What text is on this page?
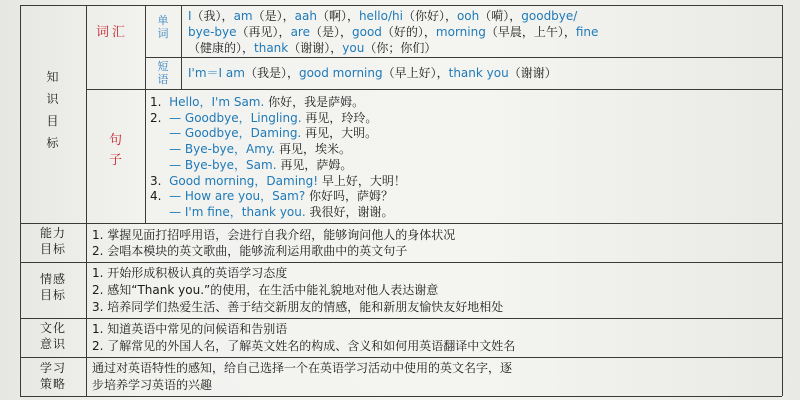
知
识
目
标
词汇
单
词
短
语
I（我），am（是），aah（啊），hello/hi（你好），ooh（嗬），goodbye/
bye-bye（再见），are（是），good（好的），morning（早晨，上午），fine
（健康的），thank（谢谢），you（你；你们）
I'm＝I am（我是），good morning（早上好），thank you（谢谢）
句
子
1.  Hello，I'm Sam. 你好，我是萨姆。
2.  — Goodbye，Lingling. 再见，玲玲。
— Goodbye，Daming. 再见，大明。
— Bye-bye，Amy. 再见，埃米。
— Bye-bye，Sam. 再见，萨姆。
3.  Good morning，Daming! 早上好，大明！
4.  — How are you，Sam? 你好吗，萨姆？
— I'm fine，thank you. 我很好，谢谢。
能力
目标
1. 掌握见面打招呼用语，会进行自我介绍，能够询问他人的身体状况
2. 会唱本模块的英文歌曲，能够流利运用歌曲中的英文句子
情感
目标
1. 开始形成积极认真的英语学习态度
2. 感知“Thank you.”的使用，在生活中能礼貌地对他人表达谢意
3. 培养同学们热爱生活、善于结交新朋友的情感，能和新朋友愉快友好地相处
文化
意识
1. 知道英语中常见的问候语和告别语
2. 了解常见的外国人名，了解英文姓名的构成、含义和如何用英语翻译中文姓名
学习
策略
通过对英语特性的感知，给自己选择一个在英语学习活动中使用的英文名字，逐
步培养学习英语的兴趣
